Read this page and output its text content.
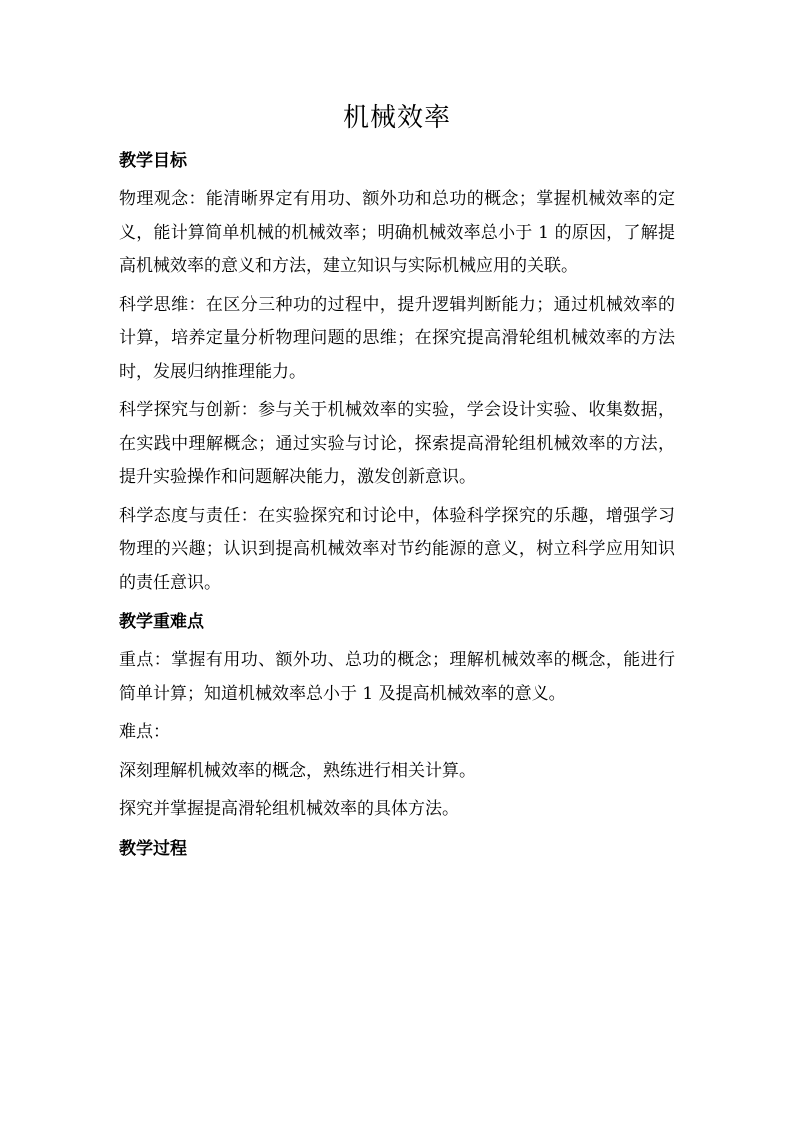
机械效率
教学目标

物理观念：能清晰界定有用功、额外功和总功的概念；掌握机械效率的定义，能计算简单机械的机械效率；明确机械效率总小于 1 的原因，了解提高机械效率的意义和方法，建立知识与实际机械应用的关联。

科学思维：在区分三种功的过程中，提升逻辑判断能力；通过机械效率的计算，培养定量分析物理问题的思维；在探究提高滑轮组机械效率的方法时，发展归纳推理能力。

科学探究与创新：参与关于机械效率的实验，学会设计实验、收集数据，在实践中理解概念；通过实验与讨论，探索提高滑轮组机械效率的方法，提升实验操作和问题解决能力，激发创新意识。

科学态度与责任：在实验探究和讨论中，体验科学探究的乐趣，增强学习物理的兴趣；认识到提高机械效率对节约能源的意义，树立科学应用知识的责任意识。

教学重难点

重点：掌握有用功、额外功、总功的概念；理解机械效率的概念，能进行简单计算；知道机械效率总小于 1 及提高机械效率的意义。

难点：

深刻理解机械效率的概念，熟练进行相关计算。

探究并掌握提高滑轮组机械效率的具体方法。

教学过程
